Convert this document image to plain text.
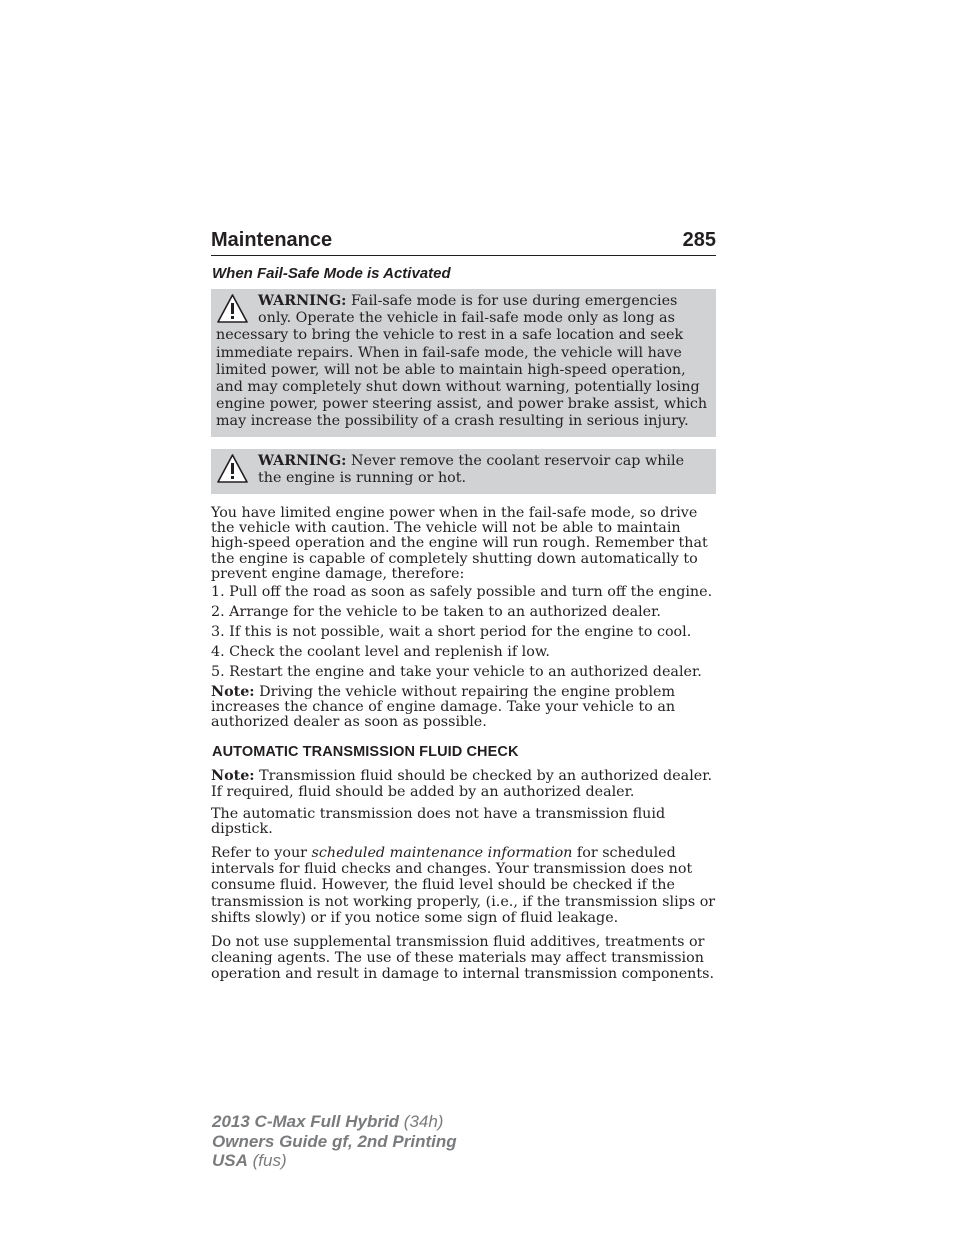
Maintenance	285
When Fail-Safe Mode is Activated
WARNING: Fail-safe mode is for use during emergencies only. Operate the vehicle in fail-safe mode only as long as necessary to bring the vehicle to rest in a safe location and seek immediate repairs. When in fail-safe mode, the vehicle will have limited power, will not be able to maintain high-speed operation, and may completely shut down without warning, potentially losing engine power, power steering assist, and power brake assist, which may increase the possibility of a crash resulting in serious injury.
WARNING: Never remove the coolant reservoir cap while the engine is running or hot.

You have limited engine power when in the fail-safe mode, so drive the vehicle with caution. The vehicle will not be able to maintain high-speed operation and the engine will run rough. Remember that the engine is capable of completely shutting down automatically to prevent engine damage, therefore:

1. Pull off the road as soon as safely possible and turn off the engine.
2. Arrange for the vehicle to be taken to an authorized dealer.
3. If this is not possible, wait a short period for the engine to cool.
4. Check the coolant level and replenish if low.
5. Restart the engine and take your vehicle to an authorized dealer.

Note: Driving the vehicle without repairing the engine problem increases the chance of engine damage. Take your vehicle to an authorized dealer as soon as possible.

AUTOMATIC TRANSMISSION FLUID CHECK

Note: Transmission fluid should be checked by an authorized dealer. If required, fluid should be added by an authorized dealer.

The automatic transmission does not have a transmission fluid dipstick.

Refer to your scheduled maintenance information for scheduled intervals for fluid checks and changes. Your transmission does not consume fluid. However, the fluid level should be checked if the transmission is not working properly, (i.e., if the transmission slips or shifts slowly) or if you notice some sign of fluid leakage.

Do not use supplemental transmission fluid additives, treatments or cleaning agents. The use of these materials may affect transmission operation and result in damage to internal transmission components.

2013 C-Max Full Hybrid (34h)
Owners Guide gf, 2nd Printing
USA (fus)
